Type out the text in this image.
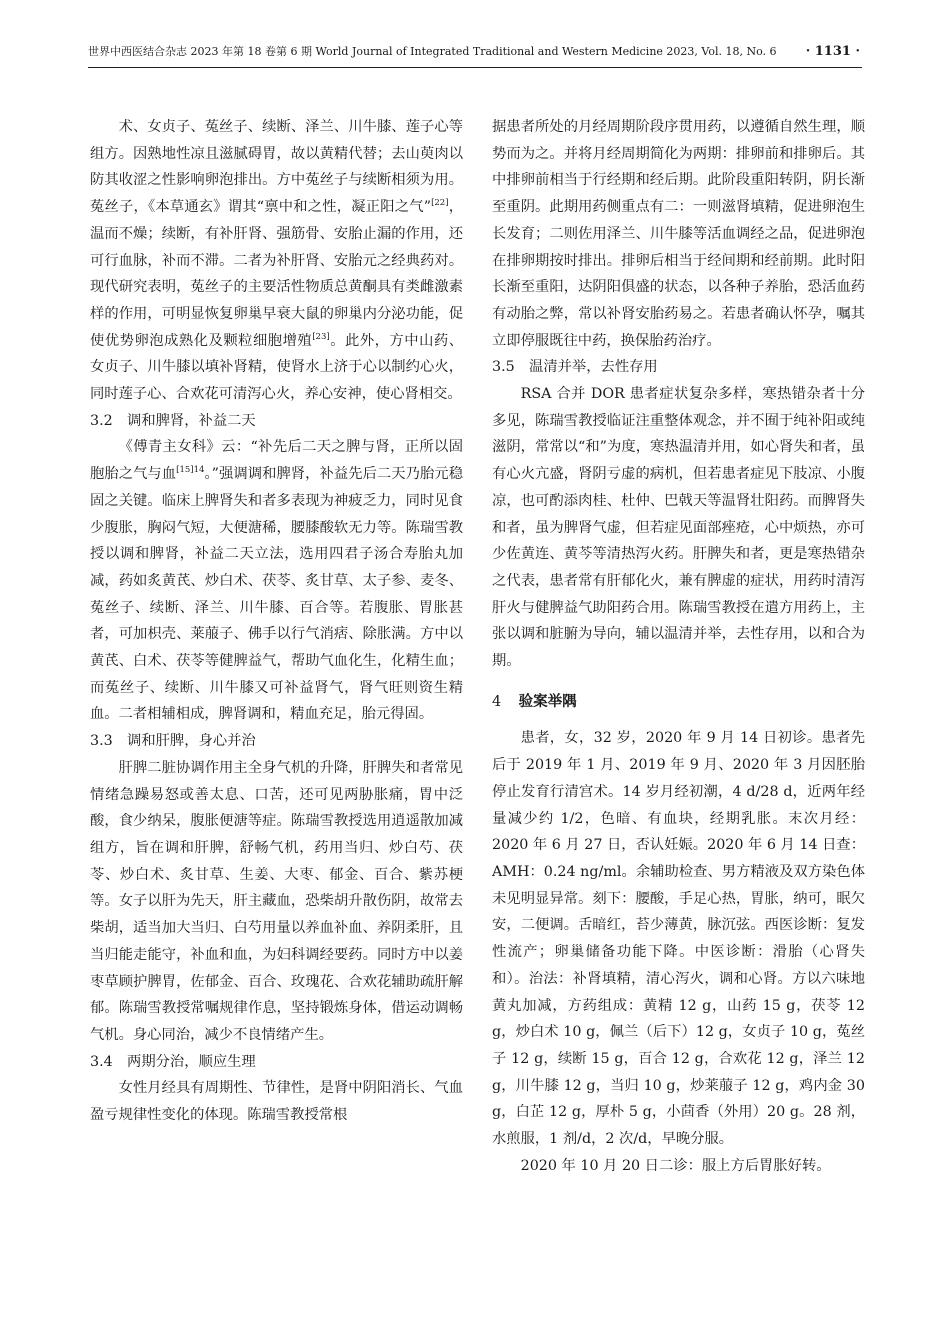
世界中西医结合杂志 2023 年第 18 卷第 6 期 World Journal of Integrated Traditional and Western Medicine 2023, Vol. 18, No. 6	· 1131 ·

术、女贞子、菟丝子、续断、泽兰、川牛膝、莲子心等组方。因熟地性凉且滋腻碍胃，故以黄精代替；去山萸肉以防其收涩之性影响卵泡排出。方中菟丝子与续断相须为用。菟丝子，《本草通玄》谓其“禀中和之性，凝正阳之气”[22]，温而不燥；续断，有补肝肾、强筋骨、安胎止漏的作用，还可行血脉，补而不滞。二者为补肝肾、安胎元之经典药对。现代研究表明，菟丝子的主要活性物质总黄酮具有类雌激素样的作用，可明显恢复卵巢早衰大鼠的卵巢内分泌功能，促使优势卵泡成熟化及颗粒细胞增殖[23]。此外，方中山药、女贞子、川牛膝以填补肾精，使肾水上济于心以制约心火，同时莲子心、合欢花可清泻心火，养心安神，使心肾相交。

3.2 调和脾肾，补益二天

《傅青主女科》云：“补先后二天之脾与肾，正所以固胞胎之气与血$^{[15]14}$。”强调调和脾肾，补益先后二天乃胎元稳固之关键。临床上脾肾失和者多表现为神疲乏力，同时见食少腹胀，胸闷气短，大便溏稀，腰膝酸软无力等。陈瑞雪教授以调和脾肾，补益二天立法，选用四君子汤合寿胎丸加减，药如炙黄芪、炒白术、茯苓、炙甘草、太子参、麦冬、菟丝子、续断、泽兰、川牛膝、百合等。若腹胀、胃胀甚者，可加枳壳、莱菔子、佛手以行气消痞、除胀满。方中以黄芪、白术、茯苓等健脾益气，帮助气血化生，化精生血；而菟丝子、续断、川牛膝又可补益肾气，肾气旺则资生精血。二者相辅相成，脾肾调和，精血充足，胎元得固。

3.3 调和肝脾，身心并治

肝脾二脏协调作用主全身气机的升降，肝脾失和者常见情绪急躁易怒或善太息、口苦，还可见两胁胀痛，胃中泛酸，食少纳呆，腹胀便溏等症。陈瑞雪教授选用逍遥散加减组方，旨在调和肝脾，舒畅气机，药用当归、炒白芍、茯苓、炒白术、炙甘草、生姜、大枣、郁金、百合、紫苏梗等。女子以肝为先天，肝主藏血，恐柴胡升散伤阴，故常去柴胡，适当加大当归、白芍用量以养血补血、养阴柔肝，且当归能走能守，补血和血，为妇科调经要药。同时方中以姜枣草顾护脾胃，佐郁金、百合、玫瑰花、合欢花辅助疏肝解郁。陈瑞雪教授常嘱规律作息，坚持锻炼身体，借运动调畅气机。身心同治，减少不良情绪产生。

3.4 两期分治，顺应生理

女性月经具有周期性、节律性，是肾中阴阳消长、气血盈亏规律性变化的体现。陈瑞雪教授常根

据患者所处的月经周期阶段序贯用药，以遵循自然生理，顺势而为之。并将月经周期简化为两期：排卵前和排卵后。其中排卵前相当于行经期和经后期。此阶段重阳转阴，阴长渐至重阴。此期用药侧重点有二：一则滋肾填精，促进卵泡生长发育；二则佐用泽兰、川牛膝等活血调经之品，促进卵泡在排卵期按时排出。排卵后相当于经间期和经前期。此时阳长渐至重阳，达阴阳俱盛的状态，以各种子养胎，恐活血药有动胎之弊，常以补肾安胎药易之。若患者确认怀孕，嘱其立即停服既往中药，换保胎药治疗。

3.5 温清并举，去性存用

RSA 合并 DOR 患者症状复杂多样，寒热错杂者十分多见，陈瑞雪教授临证注重整体观念，并不囿于纯补阳或纯滋阴，常常以“和”为度，寒热温清并用，如心肾失和者，虽有心火亢盛，肾阴亏虚的病机，但若患者症见下肢凉、小腹凉，也可酌添肉桂、杜仲、巴戟天等温肾壮阳药。而脾肾失和者，虽为脾肾气虚，但若症见面部痤疮，心中烦热，亦可少佐黄连、黄芩等清热泻火药。肝脾失和者，更是寒热错杂之代表，患者常有肝郁化火，兼有脾虚的症状，用药时清泻肝火与健脾益气助阳药合用。陈瑞雪教授在遣方用药上，主张以调和脏腑为导向，辅以温清并举，去性存用，以和合为期。

4 验案举隅

患者，女，32 岁，2020 年 9 月 14 日初诊。患者先后于 2019 年 1 月、2019 年 9 月、2020 年 3 月因胚胎停止发育行清宫术。14 岁月经初潮，4 d/28 d，近两年经量减少约 1/2，色暗、有血块，经期乳胀。末次月经：2020 年 6 月 27 日，否认妊娠。2020 年 6 月 14 日查：AMH：0.24 ng/ml。余辅助检查、男方精液及双方染色体未见明显异常。刻下：腰酸，手足心热，胃胀，纳可，眠欠安，二便调。舌暗红，苔少薄黄，脉沉弦。西医诊断：复发性流产；卵巢储备功能下降。中医诊断：滑胎（心肾失和）。治法：补肾填精，清心泻火，调和心肾。方以六味地黄丸加减，方药组成：黄精 12 g，山药 15 g，茯苓 12 g，炒白术 10 g，佩兰（后下）12 g，女贞子 10 g，菟丝子 12 g，续断 15 g，百合 12 g，合欢花 12 g，泽兰 12 g，川牛膝 12 g，当归 10 g，炒莱菔子 12 g，鸡内金 30 g，白芷 12 g，厚朴 5 g，小茴香（外用）20 g。28 剂，水煎服，1 剂/d，2 次/d，早晚分服。

2020 年 10 月 20 日二诊：服上方后胃胀好转。
